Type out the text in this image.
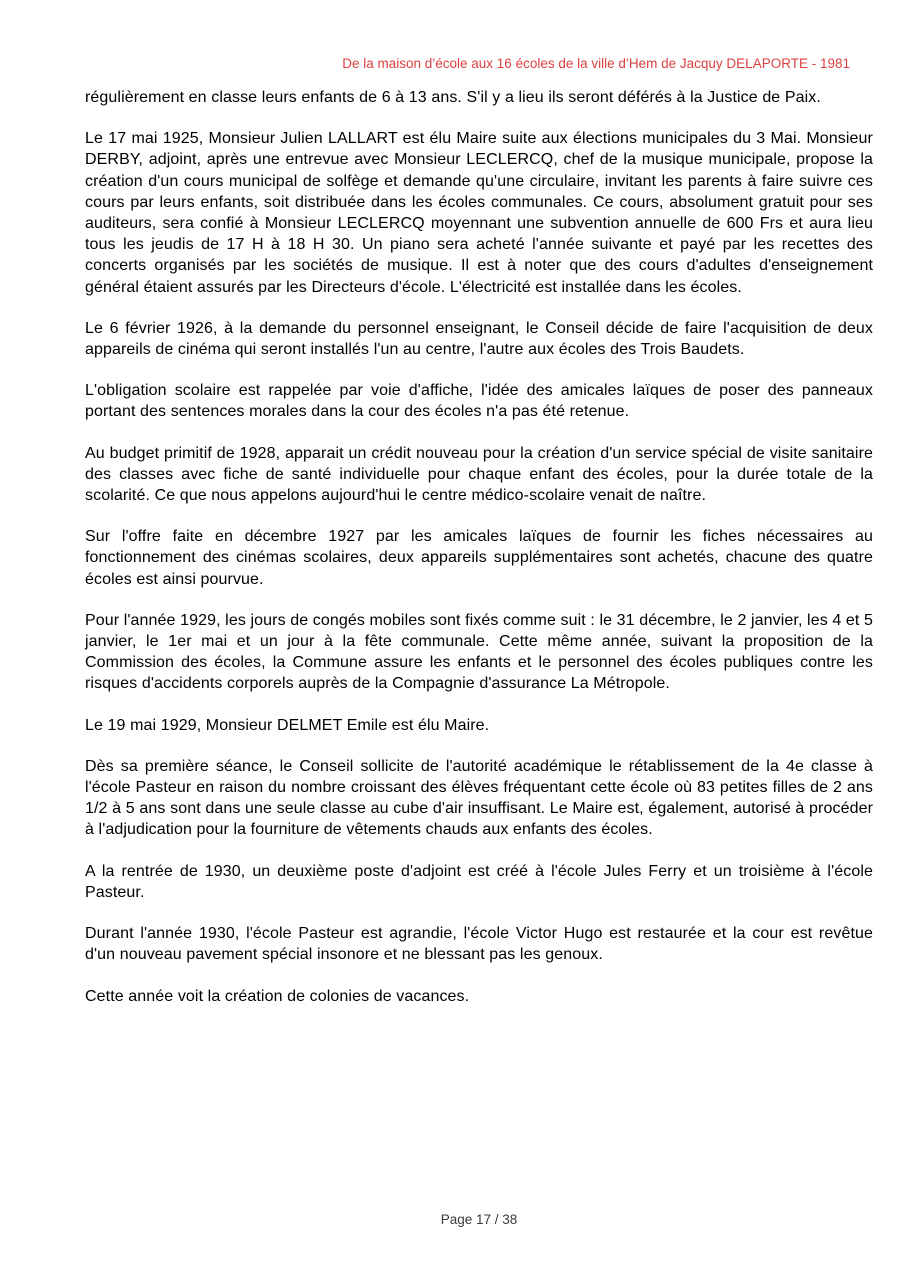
De la maison d’école aux 16 écoles de la ville d’Hem de Jacquy DELAPORTE - 1981

régulièrement en classe leurs enfants de 6 à 13 ans. S'il y a lieu ils seront déférés à la Justice de Paix.

Le 17 mai 1925, Monsieur Julien LALLART est élu Maire suite aux élections municipales du 3 Mai. Monsieur DERBY, adjoint, après une entrevue avec Monsieur LECLERCQ, chef de la musique municipale, propose la création d'un cours municipal de solfège et demande qu'une circulaire, invitant les parents à faire suivre ces cours par leurs enfants, soit distribuée dans les écoles communales. Ce cours, absolument gratuit pour ses auditeurs, sera confié à Monsieur LECLERCQ moyennant une subvention annuelle de 600 Frs et aura lieu tous les jeudis de 17 H à 18 H 30. Un piano sera acheté l'année suivante et payé par les recettes des concerts organisés par les sociétés de musique. Il est à noter que des cours d'adultes d'enseignement général étaient assurés par les Directeurs d'école. L'électricité est installée dans les écoles.

Le 6 février 1926, à la demande du personnel enseignant, le Conseil décide de faire l'acquisition de deux appareils de cinéma qui seront installés l'un au centre, l'autre aux écoles des Trois Baudets.

L'obligation scolaire est rappelée par voie d'affiche, l'idée des amicales laïques de poser des panneaux portant des sentences morales dans la cour des écoles n'a pas été retenue.

Au budget primitif de 1928, apparait un crédit nouveau pour la création d'un service spécial de visite sanitaire des classes avec fiche de santé individuelle pour chaque enfant des écoles, pour la durée totale de la scolarité. Ce que nous appelons aujourd'hui le centre médico-scolaire venait de naître.

Sur l'offre faite en décembre 1927 par les amicales laïques de fournir les fiches nécessaires au fonctionnement des cinémas scolaires, deux appareils supplémentaires sont achetés, chacune des quatre écoles est ainsi pourvue.

Pour l'année 1929, les jours de congés mobiles sont fixés comme suit : le 31 décembre, le 2 janvier, les 4 et 5 janvier, le 1er mai et un jour à la fête communale. Cette même année, suivant la proposition de la Commission des écoles, la Commune assure les enfants et le personnel des écoles publiques contre les risques d'accidents corporels auprès de la Compagnie d'assurance La Métropole.

Le 19 mai 1929, Monsieur DELMET Emile est élu Maire.

Dès sa première séance, le Conseil sollicite de l'autorité académique le rétablissement de la 4e classe à l'école Pasteur en raison du nombre croissant des élèves fréquentant cette école où 83 petites filles de 2 ans 1/2 à 5 ans sont dans une seule classe au cube d'air insuffisant. Le Maire est, également, autorisé à procéder à l'adjudication pour la fourniture de vêtements chauds aux enfants des écoles.

A la rentrée de 1930, un deuxième poste d'adjoint est créé à l'école Jules Ferry et un troisième à l'école Pasteur.

Durant l'année 1930, l'école Pasteur est agrandie, l'école Victor Hugo est restaurée et la cour est revêtue d'un nouveau pavement spécial insonore et ne blessant pas les genoux.

Cette année voit la création de colonies de vacances.

Page 17 / 38
